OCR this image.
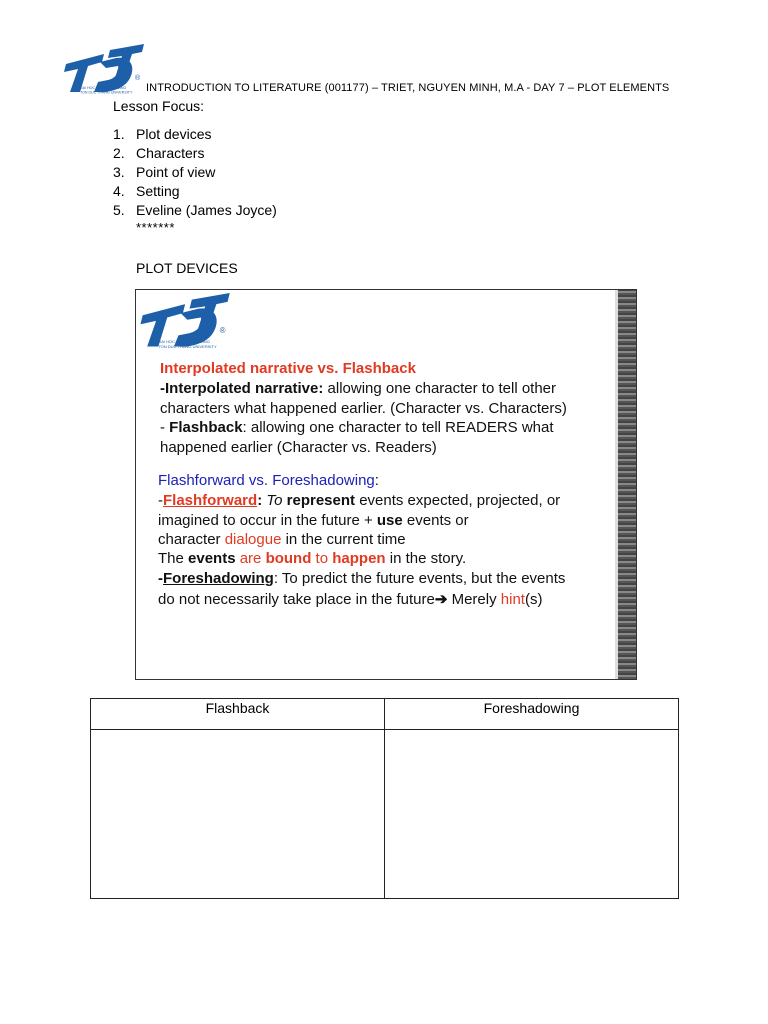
®
ĐẠI HỌC TÔN ĐỨC THẮNG
TON DUC THANG UNIVERSITY INTRODUCTION TO LITERATURE (001177) – TRIET, NGUYEN MINH, M.A - DAY 7 – PLOT ELEMENTS
Lesson Focus:
1. Plot devices
2. Characters
3. Point of view
4. Setting
5. Eveline (James Joyce)
*******
PLOT DEVICES
®
ĐẠI HỌC TÔN ĐỨC THẮNG
TON DUC THANG UNIVERSITY
Interpolated narrative vs. Flashback
-Interpolated narrative: allowing one character to tell other
characters what happened earlier. (Character vs. Characters)
- Flashback: allowing one character to tell READERS what
happened earlier (Character vs. Readers)
Flashforward vs. Foreshadowing:
-Flashforward: To represent events expected, projected, or
imagined to occur in the future + use events or
character dialogue in the current time
The events are bound to happen in the story.
-Foreshadowing: To predict the future events, but the events
do not necessarily take place in the future➔ Merely hint(s)
Flashback	Foreshadowing
